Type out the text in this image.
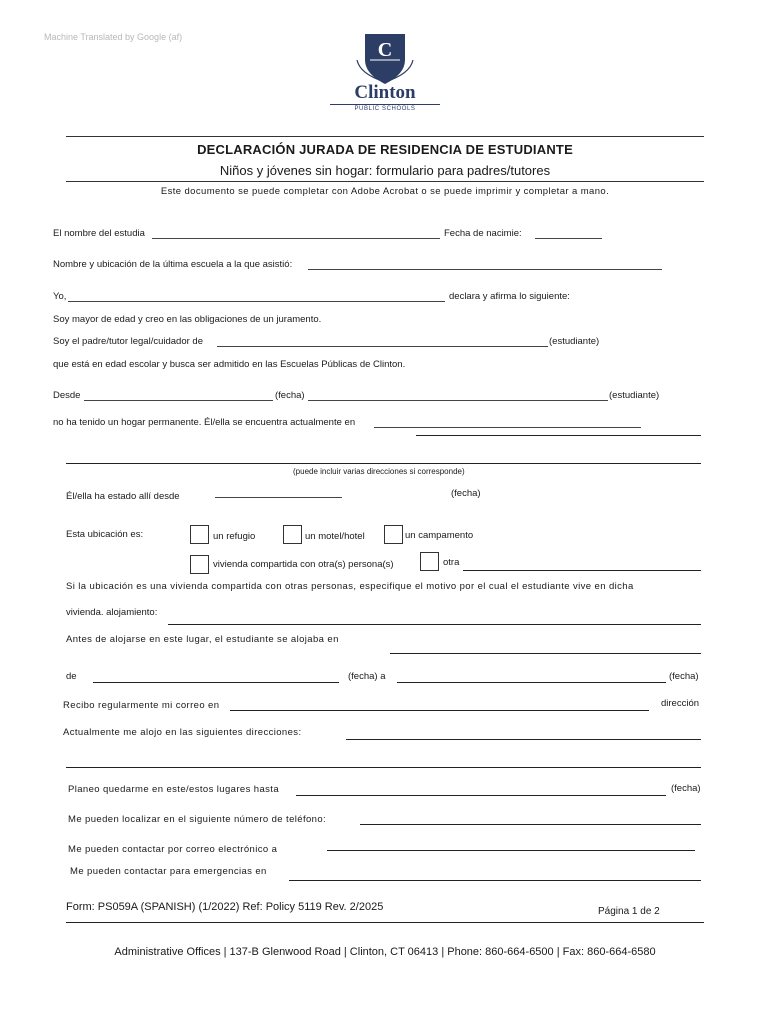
Machine Translated by Google (af)
C
Clinton
PUBLIC SCHOOLS
DECLARACIÓN JURADA DE RESIDENCIA DE ESTUDIANTE
Niños y jóvenes sin hogar: formulario para padres/tutores
Este documento se puede completar con Adobe Acrobat o se puede imprimir y completar a mano.
El nombre del estudia	Fecha de nacimie:
Nombre y ubicación de la última escuela a la que asistió:
Yo,	declara y afirma lo siguiente:
Soy mayor de edad y creo en las obligaciones de un juramento.
Soy el padre/tutor legal/cuidador de	(estudiante)
que está en edad escolar y busca ser admitido en las Escuelas Públicas de Clinton.
Desde	(fecha)	(estudiante)
no ha tenido un hogar permanente. Él/ella se encuentra actualmente en
(puede incluir varias direcciones si corresponde)
Él/ella ha estado allí desde	(fecha)
Esta ubicación es:	un refugio	un motel/hotel	un campamento
vivienda compartida con otra(s) persona(s)	otra
Si la ubicación es una vivienda compartida con otras personas, especifique el motivo por el cual el estudiante vive en dicha
vivienda. alojamiento:
Antes de alojarse en este lugar, el estudiante se alojaba en
de	(fecha) a	(fecha)
Recibo regularmente mi correo en	dirección
Actualmente me alojo en las siguientes direcciones:
Planeo quedarme en este/estos lugares hasta	(fecha)
Me pueden localizar en el siguiente número de teléfono:
Me pueden contactar por correo electrónico a
Me pueden contactar para emergencias en
Form: PS059A (SPANISH) (1/2022) Ref: Policy 5119 Rev. 2/2025	Página 1 de 2
Administrative Offices | 137-B Glenwood Road | Clinton, CT 06413 | Phone: 860-664-6500 | Fax: 860-664-6580
